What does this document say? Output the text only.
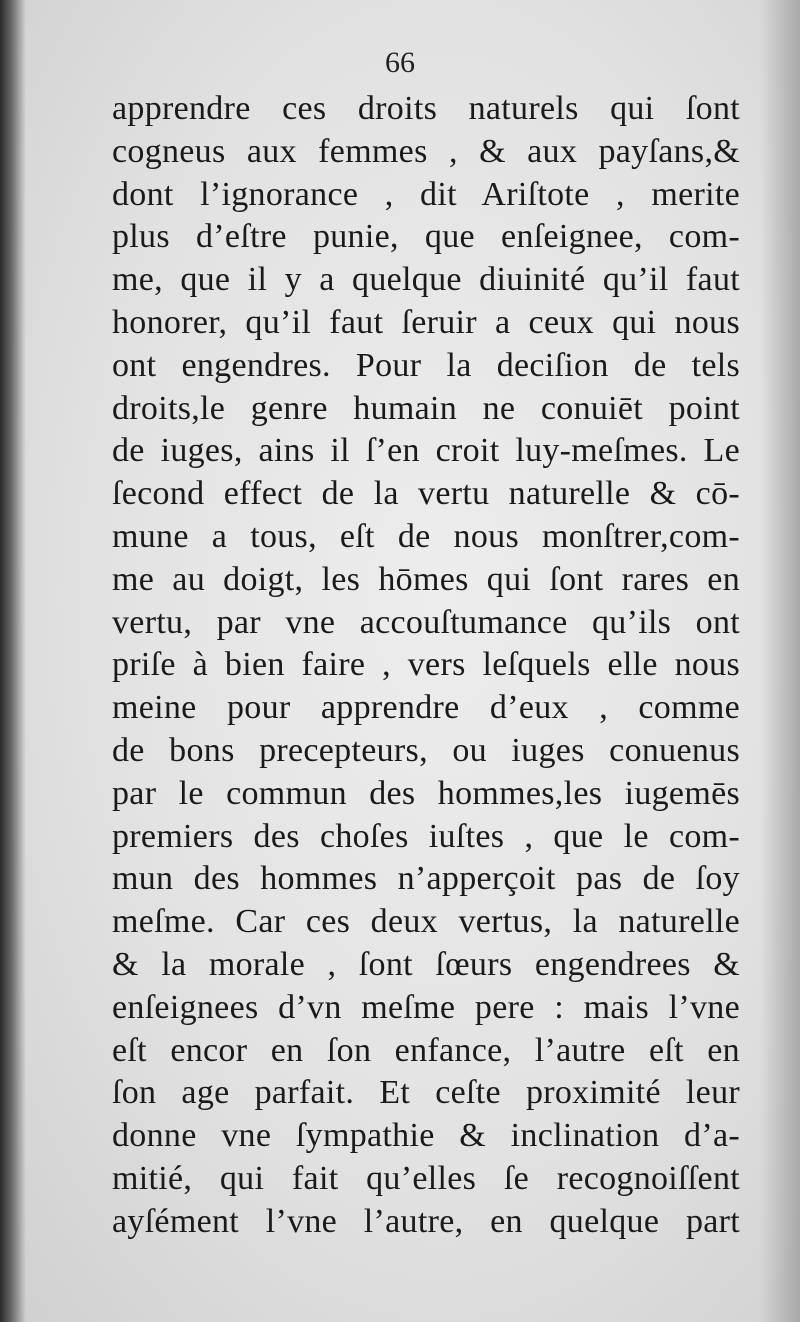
66
apprendre ces droits naturels qui ſont
cogneus aux femmes , & aux payſans,&
dont l’ignorance , dit Ariſtote , merite
plus d’eſtre punie, que enſeignee, com-
me, que il y a quelque diuinité qu’il faut
honorer, qu’il faut ſeruir a ceux qui nous
ont engendres. Pour la deciſion de tels
droits,le genre humain ne conuiēt point
de iuges, ains il ſ’en croit luy-meſmes. Le
ſecond effect de la vertu naturelle & cō-
mune a tous, eſt de nous monſtrer,com-
me au doigt, les hōmes qui ſont rares en
vertu, par vne accouſtumance qu’ils ont
priſe à bien faire , vers leſquels elle nous
meine pour apprendre d’eux , comme
de bons precepteurs, ou iuges conuenus
par le commun des hommes,les iugemēs
premiers des choſes iuſtes , que le com-
mun des hommes n’apperçoit pas de ſoy
meſme. Car ces deux vertus, la naturelle
& la morale , ſont ſœurs engendrees &
enſeignees d’vn meſme pere : mais l’vne
eſt encor en ſon enfance, l’autre eſt en
ſon age parfait. Et ceſte proximité leur
donne vne ſympathie & inclination d’a-
mitié, qui fait qu’elles ſe recognoiſſent
ayſément l’vne l’autre, en quelque part
